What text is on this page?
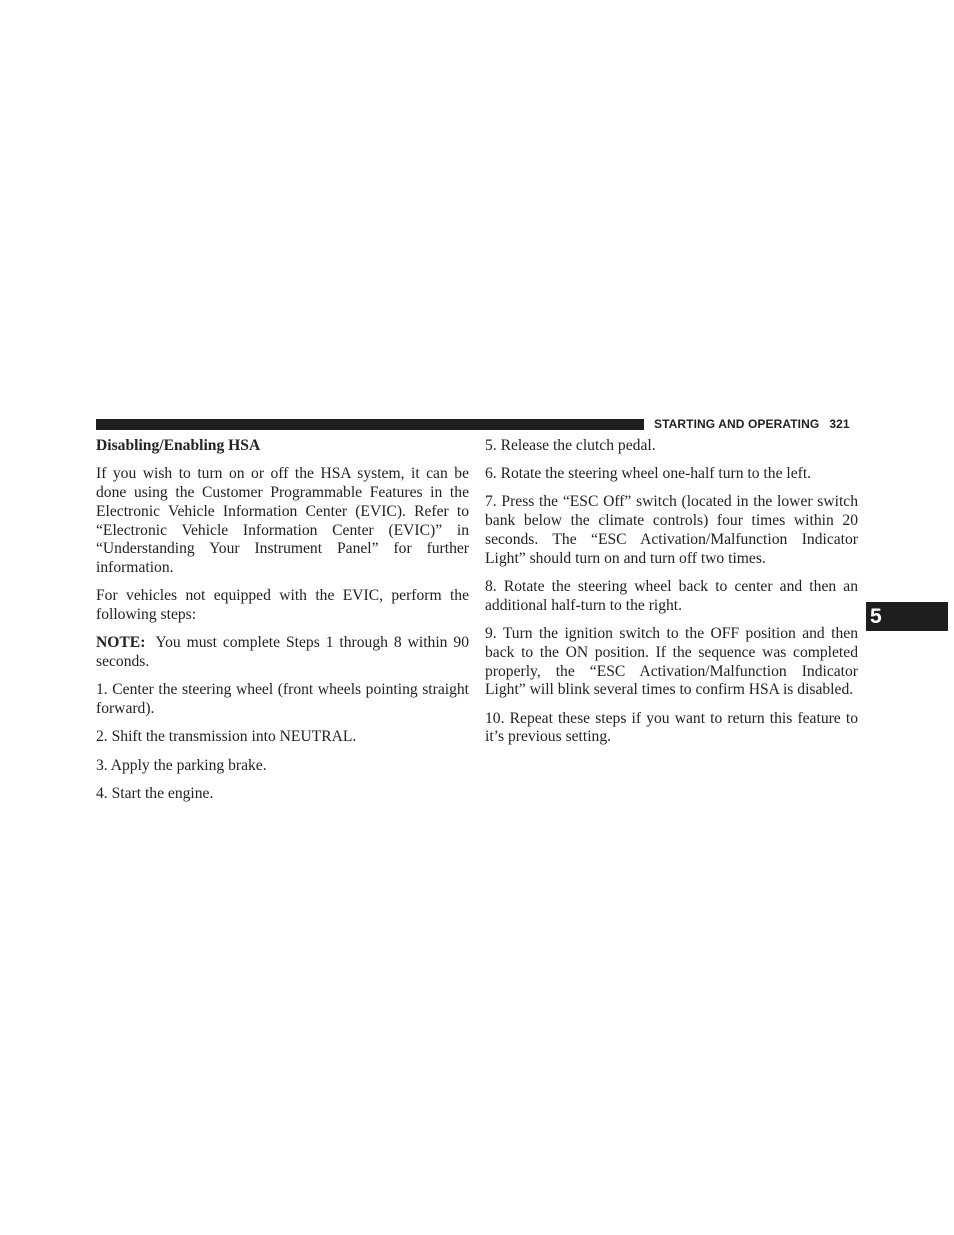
STARTING AND OPERATING 321

Disabling/Enabling HSA

If you wish to turn on or off the HSA system, it can be done using the Customer Programmable Features in the Electronic Vehicle Information Center (EVIC). Refer to “Electronic Vehicle Information Center (EVIC)” in “Understanding Your Instrument Panel” for further information.

For vehicles not equipped with the EVIC, perform the following steps:

NOTE: You must complete Steps 1 through 8 within 90 seconds.

1. Center the steering wheel (front wheels pointing straight forward).

2. Shift the transmission into NEUTRAL.

3. Apply the parking brake.

4. Start the engine.

5. Release the clutch pedal.

6. Rotate the steering wheel one-half turn to the left.

7. Press the “ESC Off” switch (located in the lower switch bank below the climate controls) four times within 20 seconds. The “ESC Activation/Malfunction Indicator Light” should turn on and turn off two times.

8. Rotate the steering wheel back to center and then an additional half-turn to the right.

9. Turn the ignition switch to the OFF position and then back to the ON position. If the sequence was completed properly, the “ESC Activation/Malfunction Indicator Light” will blink several times to confirm HSA is disabled.

10. Repeat these steps if you want to return this feature to it’s previous setting.

5
